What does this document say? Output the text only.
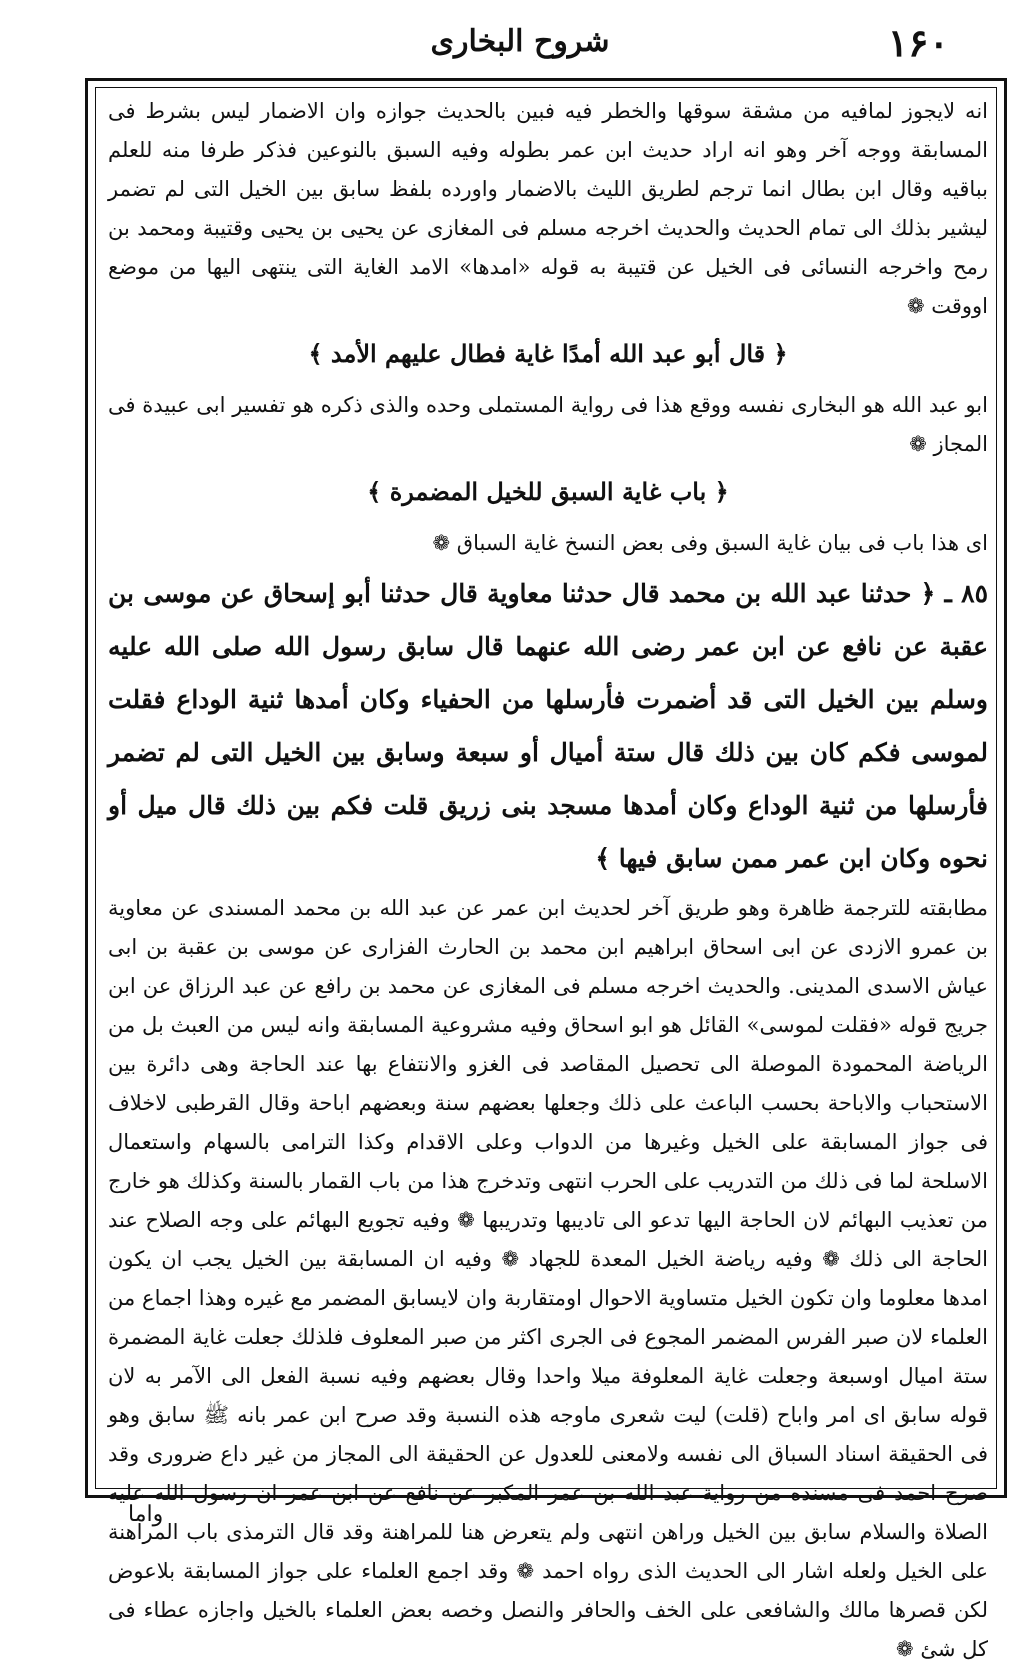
۱۶۰
شروح البخارى

انه لايجوز لمافيه من مشقة سوقها والخطر فيه فبين بالحديث جوازه وان الاضمار ليس بشرط فى المسابقة ووجه آخر وهو انه اراد حديث ابن عمر بطوله وفيه السبق بالنوعين فذكر طرفا منه للعلم بباقيه وقال ابن بطال انما ترجم لطريق الليث بالاضمار واورده بلفظ سابق بين الخيل التى لم تضمر ليشير بذلك الى تمام الحديث والحديث اخرجه مسلم فى المغازى عن يحيى بن يحيى وقتيبة ومحمد بن رمح واخرجه النسائى فى الخيل عن قتيبة به قوله «امدها» الامد الغاية التى ينتهى اليها من موضع اووقت ❁

﴿ قال أبو عبد الله أمدًا غاية فطال عليهم الأمد ﴾

ابو عبد الله هو البخارى نفسه ووقع هذا فى رواية المستملى وحده والذى ذكره هو تفسير ابى عبيدة فى المجاز ❁

﴿ باب غاية السبق للخيل المضمرة ﴾

اى هذا باب فى بيان غاية السبق وفى بعض النسخ غاية السباق ❁

٨٥ ـ ﴿ حدثنا عبد الله بن محمد قال حدثنا معاوية قال حدثنا أبو إسحاق عن موسى بن عقبة عن نافع عن ابن عمر رضى الله عنهما قال سابق رسول الله صلى الله عليه وسلم بين الخيل التى قد أضمرت فأرسلها من الحفياء وكان أمدها ثنية الوداع فقلت لموسى فكم كان بين ذلك قال ستة أميال أو سبعة وسابق بين الخيل التى لم تضمر فأرسلها من ثنية الوداع وكان أمدها مسجد بنى زريق قلت فكم بين ذلك قال ميل أو نحوه وكان ابن عمر ممن سابق فيها ﴾

مطابقته للترجمة ظاهرة وهو طريق آخر لحديث ابن عمر عن عبد الله بن محمد المسندى عن معاوية بن عمرو الازدى عن ابى اسحاق ابراهيم ابن محمد بن الحارث الفزارى عن موسى بن عقبة بن ابى عياش الاسدى المدينى. والحديث اخرجه مسلم فى المغازى عن محمد بن رافع عن عبد الرزاق عن ابن جريج قوله «فقلت لموسى» القائل هو ابو اسحاق وفيه مشروعية المسابقة وانه ليس من العبث بل من الرياضة المحمودة الموصلة الى تحصيل المقاصد فى الغزو والانتفاع بها عند الحاجة وهى دائرة بين الاستحباب والاباحة بحسب الباعث على ذلك وجعلها بعضهم سنة وبعضهم اباحة وقال القرطبى لاخلاف فى جواز المسابقة على الخيل وغيرها من الدواب وعلى الاقدام وكذا الترامى بالسهام واستعمال الاسلحة لما فى ذلك من التدريب على الحرب انتهى وتدخرج هذا من باب القمار بالسنة وكذلك هو خارج من تعذيب البهائم لان الحاجة اليها تدعو الى تاديبها وتدريبها ❁ وفيه تجويع البهائم على وجه الصلاح عند الحاجة الى ذلك ❁ وفيه رياضة الخيل المعدة للجهاد ❁ وفيه ان المسابقة بين الخيل يجب ان يكون امدها معلوما وان تكون الخيل متساوية الاحوال اومتقاربة وان لايسابق المضمر مع غيره وهذا اجماع من العلماء لان صبر الفرس المضمر المجوع فى الجرى اكثر من صبر المعلوف فلذلك جعلت غاية المضمرة ستة اميال اوسبعة وجعلت غاية المعلوفة ميلا واحدا وقال بعضهم وفيه نسبة الفعل الى الآمر به لان قوله سابق اى امر واباح (قلت) ليت شعرى ماوجه هذه النسبة وقد صرح ابن عمر بانه ﷺ سابق وهو فى الحقيقة اسناد السباق الى نفسه ولامعنى للعدول عن الحقيقة الى المجاز من غير داع ضرورى وقد صرح احمد فى مسنده من رواية عبد الله بن عمر المكبر عن نافع عن ابن عمر ان رسول الله عليه الصلاة والسلام سابق بين الخيل وراهن انتهى ولم يتعرض هنا للمراهنة وقد قال الترمذى باب المراهنة على الخيل ولعله اشار الى الحديث الذى رواه احمد ❁ وقد اجمع العلماء على جواز المسابقة بلاعوض لكن قصرها مالك والشافعى على الخف والحافر والنصل وخصه بعض العلماء بالخيل واجازه عطاء فى كل شئ ❁

واما
